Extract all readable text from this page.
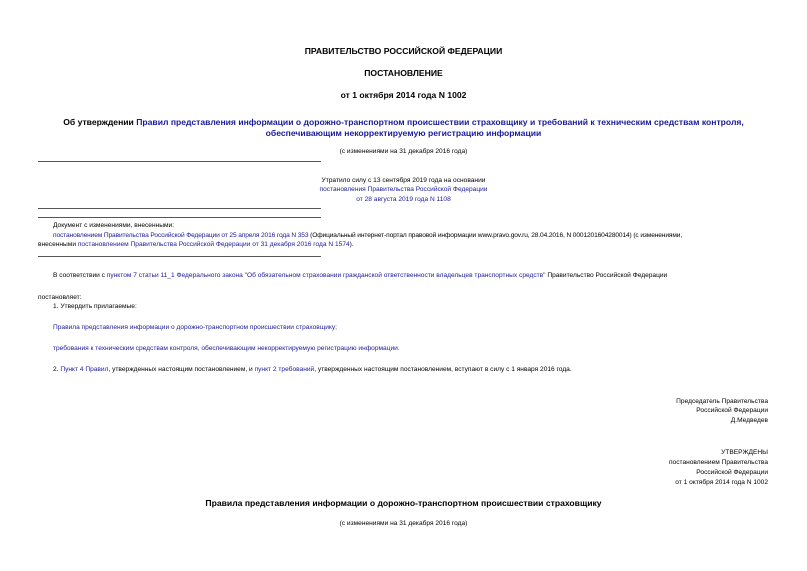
ПРАВИТЕЛЬСТВО РОССИЙСКОЙ ФЕДЕРАЦИИ
ПОСТАНОВЛЕНИЕ
от 1 октября 2014 года N 1002
Об утверждении Правил представления информации о дорожно-транспортном происшествии страховщику и требований к техническим средствам контроля,
обеспечивающим некорректируемую регистрацию информации
(с изменениями на 31 декабря 2016 года)
Утратило силу с 13 сентября 2019 года на основании
постановления Правительства Российской Федерации
от 28 августа 2019 года N 1108
Документ с изменениями, внесенными:
постановлением Правительства Российской Федерации от 25 апреля 2016 года N 353 (Официальный интернет-портал правовой информации www.pravo.gov.ru, 28.04.2016, N 0001201604280014) (с изменениями,
внесенными постановлением Правительства Российской Федерации от 31 декабря 2016 года N 1574).
В соответствии с пунктом 7 статьи 11_1 Федерального закона "Об обязательном страховании гражданской ответственности владельцев транспортных средств" Правительство Российской Федерации
постановляет:
1. Утвердить прилагаемые:
Правила представления информации о дорожно-транспортном происшествии страховщику;
требования к техническим средствам контроля, обеспечивающим некорректируемую регистрацию информации.
2. Пункт 4 Правил, утвержденных настоящим постановлением, и пункт 2 требований, утвержденных настоящим постановлением, вступают в силу с 1 января 2016 года.
Председатель Правительства
Российской Федерации
Д.Медведев
УТВЕРЖДЕНЫ
постановлением Правительства
Российской Федерации
от 1 октября 2014 года N 1002
Правила представления информации о дорожно-транспортном происшествии страховщику
(с изменениями на 31 декабря 2016 года)
